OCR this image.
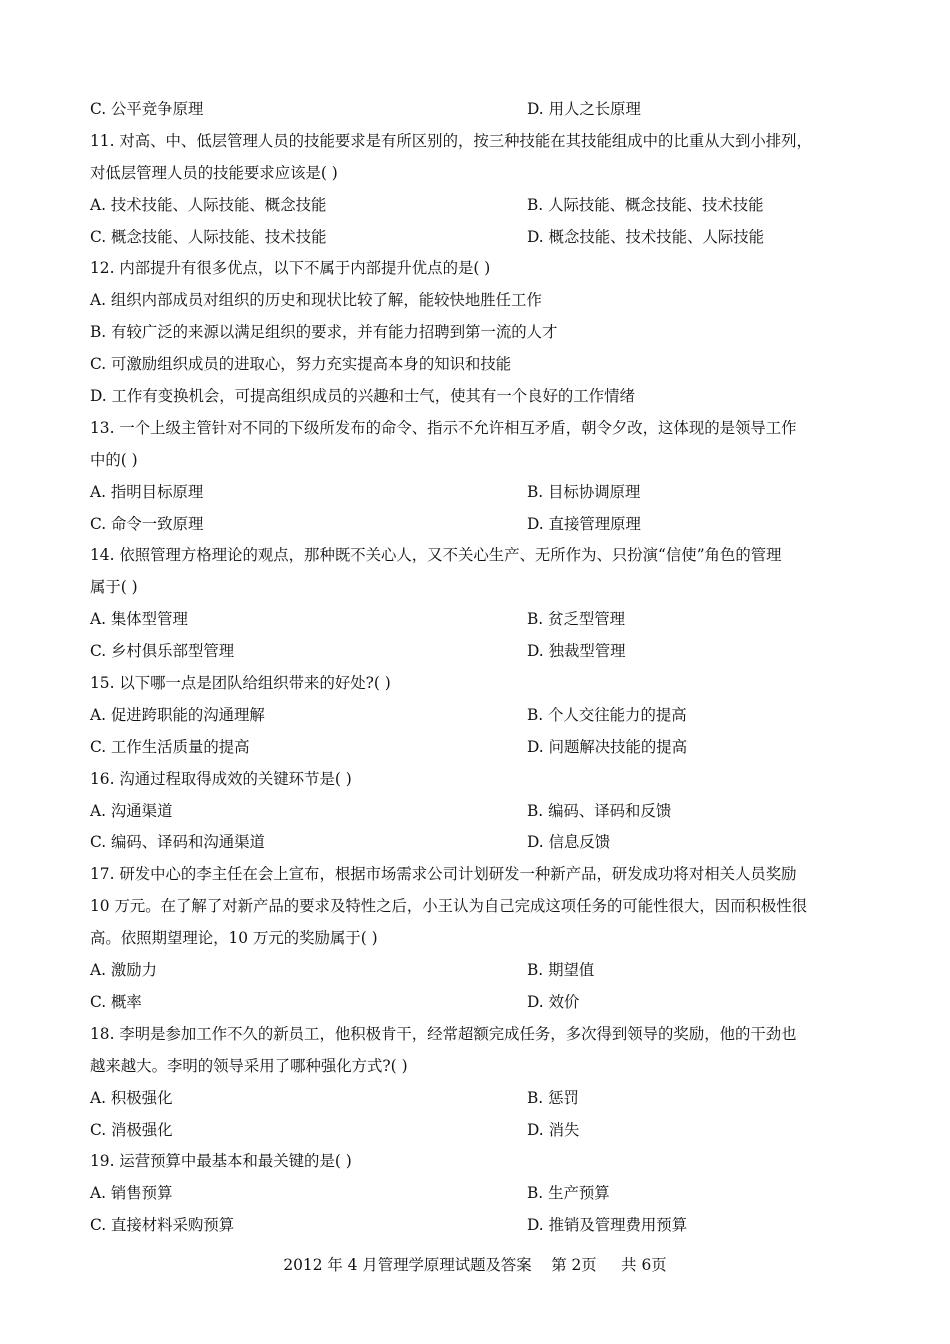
C. 公平竞争原理	D. 用人之长原理
11. 对高、中、低层管理人员的技能要求是有所区别的，按三种技能在其技能组成中的比重从大到小排列，
对低层管理人员的技能要求应该是( )
A. 技术技能、人际技能、概念技能	B. 人际技能、概念技能、技术技能
C. 概念技能、人际技能、技术技能	D. 概念技能、技术技能、人际技能
12. 内部提升有很多优点，以下不属于内部提升优点的是( )
A. 组织内部成员对组织的历史和现状比较了解，能较快地胜任工作
B. 有较广泛的来源以满足组织的要求，并有能力招聘到第一流的人才
C. 可激励组织成员的进取心，努力充实提高本身的知识和技能
D. 工作有变换机会，可提高组织成员的兴趣和士气，使其有一个良好的工作情绪
13. 一个上级主管针对不同的下级所发布的命令、指示不允许相互矛盾，朝令夕改，这体现的是领导工作
中的( )
A. 指明目标原理	B. 目标协调原理
C. 命令一致原理	D. 直接管理原理
14. 依照管理方格理论的观点，那种既不关心人，又不关心生产、无所作为、只扮演“信使”角色的管理
属于( )
A. 集体型管理	B. 贫乏型管理
C. 乡村俱乐部型管理	D. 独裁型管理
15. 以下哪一点是团队给组织带来的好处?( )
A. 促进跨职能的沟通理解	B. 个人交往能力的提高
C. 工作生活质量的提高	D. 问题解决技能的提高
16. 沟通过程取得成效的关键环节是( )
A. 沟通渠道	B. 编码、译码和反馈
C. 编码、译码和沟通渠道	D. 信息反馈
17. 研发中心的李主任在会上宣布，根据市场需求公司计划研发一种新产品，研发成功将对相关人员奖励
10 万元。在了解了对新产品的要求及特性之后，小王认为自己完成这项任务的可能性很大，因而积极性很
高。依照期望理论，10 万元的奖励属于( )
A. 激励力	B. 期望值
C. 概率	D. 效价
18. 李明是参加工作不久的新员工，他积极肯干，经常超额完成任务，多次得到领导的奖励，他的干劲也
越来越大。李明的领导采用了哪种强化方式?( )
A. 积极强化	B. 惩罚
C. 消极强化	D. 消失
19. 运营预算中最基本和最关键的是( )
A. 销售预算	B. 生产预算
C. 直接材料采购预算	D. 推销及管理费用预算
2012 年 4 月管理学原理试题及答案    第 2页     共 6页
